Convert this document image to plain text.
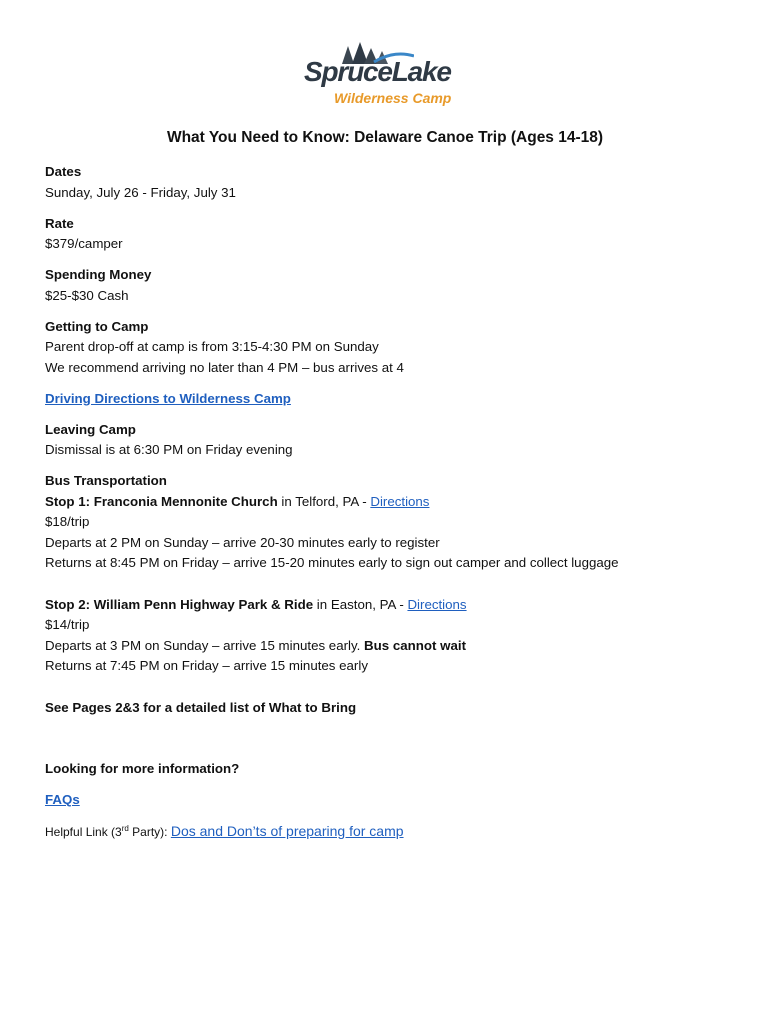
SpruceLake
Wilderness Camp
What You Need to Know: Delaware Canoe Trip (Ages 14-18)
Dates
Sunday, July 26 - Friday, July 31
Rate
$379/camper
Spending Money
$25-$30 Cash
Getting to Camp
Parent drop-off at camp is from 3:15-4:30 PM on Sunday
We recommend arriving no later than 4 PM – bus arrives at 4
Driving Directions to Wilderness Camp
Leaving Camp
Dismissal is at 6:30 PM on Friday evening
Bus Transportation
Stop 1: Franconia Mennonite Church in Telford, PA - Directions
$18/trip
Departs at 2 PM on Sunday – arrive 20-30 minutes early to register
Returns at 8:45 PM on Friday – arrive 15-20 minutes early to sign out camper and collect luggage
Stop 2: William Penn Highway Park & Ride in Easton, PA - Directions
$14/trip
Departs at 3 PM on Sunday – arrive 15 minutes early. Bus cannot wait
Returns at 7:45 PM on Friday – arrive 15 minutes early
See Pages 2&3 for a detailed list of What to Bring
Looking for more information?
FAQs
Helpful Link (3rd Party): Dos and Don’ts of preparing for camp
